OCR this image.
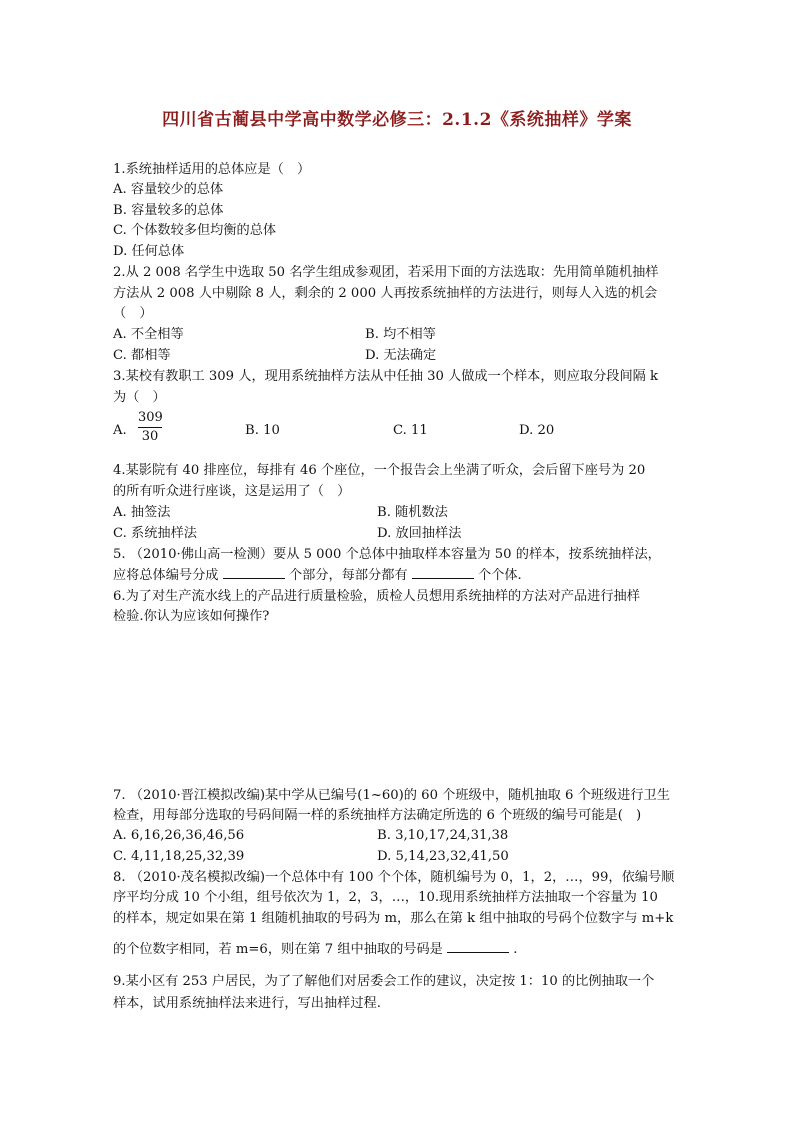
四川省古蔺县中学高中数学必修三：2.1.2《系统抽样》学案
1.系统抽样适用的总体应是（　）
A. 容量较少的总体
B. 容量较多的总体
C. 个体数较多但均衡的总体
D. 任何总体
2.从 2 008 名学生中选取 50 名学生组成参观团，若采用下面的方法选取：先用简单随机抽样
方法从 2 008 人中剔除 8 人，剩余的 2 000 人再按系统抽样的方法进行，则每人入选的机会
（　）
A. 不全相等	B. 均不相等
C. 都相等	D. 无法确定
3.某校有教职工 309 人，现用系统抽样方法从中任抽 30 人做成一个样本，则应取分段间隔 k
为（　）
A.
309
30	B. 10	C. 11	D. 20
4.某影院有 40 排座位，每排有 46 个座位，一个报告会上坐满了听众，会后留下座号为 20
的所有听众进行座谈，这是运用了（　）
A. 抽签法	B. 随机数法
C. 系统抽样法	D. 放回抽样法
5. （2010·佛山高一检测）要从 5 000 个总体中抽取样本容量为 50 的样本，按系统抽样法，
应将总体编号分成	个部分，每部分都有	个个体.
6.为了对生产流水线上的产品进行质量检验，质检人员想用系统抽样的方法对产品进行抽样
检验.你认为应该如何操作?
7. （2010·晋江模拟改编)某中学从已编号(1~60)的 60 个班级中，随机抽取 6 个班级进行卫生
检查，用每部分选取的号码间隔一样的系统抽样方法确定所选的 6 个班级的编号可能是(　)
A. 6,16,26,36,46,56	B. 3,10,17,24,31,38
C. 4,11,18,25,32,39	D. 5,14,23,32,41,50
8. （2010·茂名模拟改编)一个总体中有 100 个个体，随机编号为 0，1，2，…，99，依编号顺
序平均分成 10 个小组，组号依次为 1，2，3，…，10.现用系统抽样方法抽取一个容量为 10
的样本，规定如果在第 1 组随机抽取的号码为 m，那么在第 k 组中抽取的号码个位数字与 m+k
的个位数字相同，若 m=6，则在第 7 组中抽取的号码是	.
9.某小区有 253 户居民，为了了解他们对居委会工作的建议，决定按 1：10 的比例抽取一个
样本，试用系统抽样法来进行，写出抽样过程.
